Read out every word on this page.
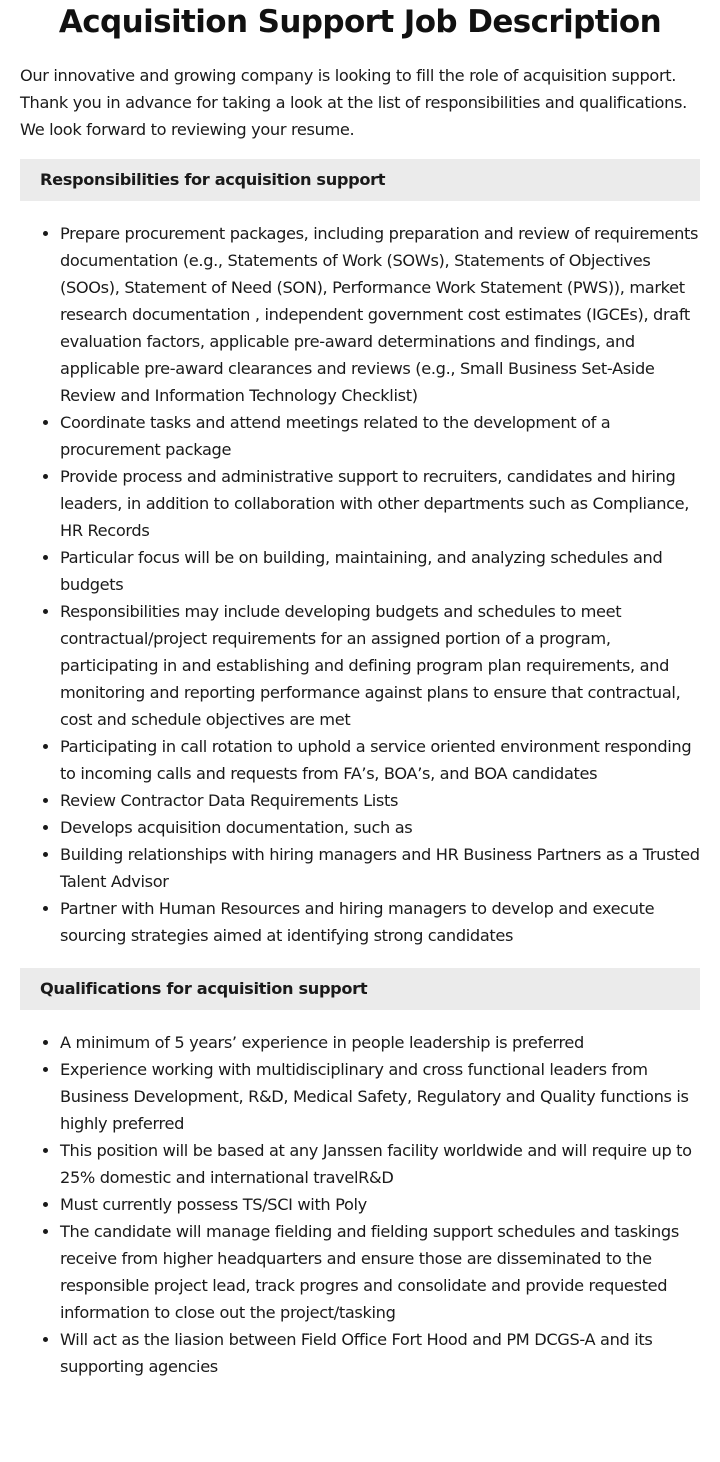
Acquisition Support Job Description

Our innovative and growing company is looking to fill the role of acquisition support. Thank you in advance for taking a look at the list of responsibilities and qualifications. We look forward to reviewing your resume.

Responsibilities for acquisition support
Prepare procurement packages, including preparation and review of requirements documentation (e.g., Statements of Work (SOWs), Statements of Objectives (SOOs), Statement of Need (SON), Performance Work Statement (PWS)), market research documentation , independent government cost estimates (IGCEs), draft evaluation factors, applicable pre-award determinations and findings, and applicable pre-award clearances and reviews (e.g., Small Business Set-Aside Review and Information Technology Checklist)
Coordinate tasks and attend meetings related to the development of a procurement package
Provide process and administrative support to recruiters, candidates and hiring leaders, in addition to collaboration with other departments such as Compliance, HR Records
Particular focus will be on building, maintaining, and analyzing schedules and budgets
Responsibilities may include developing budgets and schedules to meet contractual/project requirements for an assigned portion of a program, participating in and establishing and defining program plan requirements, and monitoring and reporting performance against plans to ensure that contractual, cost and schedule objectives are met
Participating in call rotation to uphold a service oriented environment responding to incoming calls and requests from FA’s, BOA’s, and BOA candidates
Review Contractor Data Requirements Lists
Develops acquisition documentation, such as
Building relationships with hiring managers and HR Business Partners as a Trusted Talent Advisor
Partner with Human Resources and hiring managers to develop and execute sourcing strategies aimed at identifying strong candidates
Qualifications for acquisition support
A minimum of 5 years’ experience in people leadership is preferred
Experience working with multidisciplinary and cross functional leaders from Business Development, R&D, Medical Safety, Regulatory and Quality functions is highly preferred
This position will be based at any Janssen facility worldwide and will require up to 25% domestic and international travelR&D
Must currently possess TS/SCI with Poly
The candidate will manage fielding and fielding support schedules and taskings receive from higher headquarters and ensure those are disseminated to the responsible project lead, track progres and consolidate and provide requested information to close out the project/tasking
Will act as the liasion between Field Office Fort Hood and PM DCGS-A and its supporting agencies
